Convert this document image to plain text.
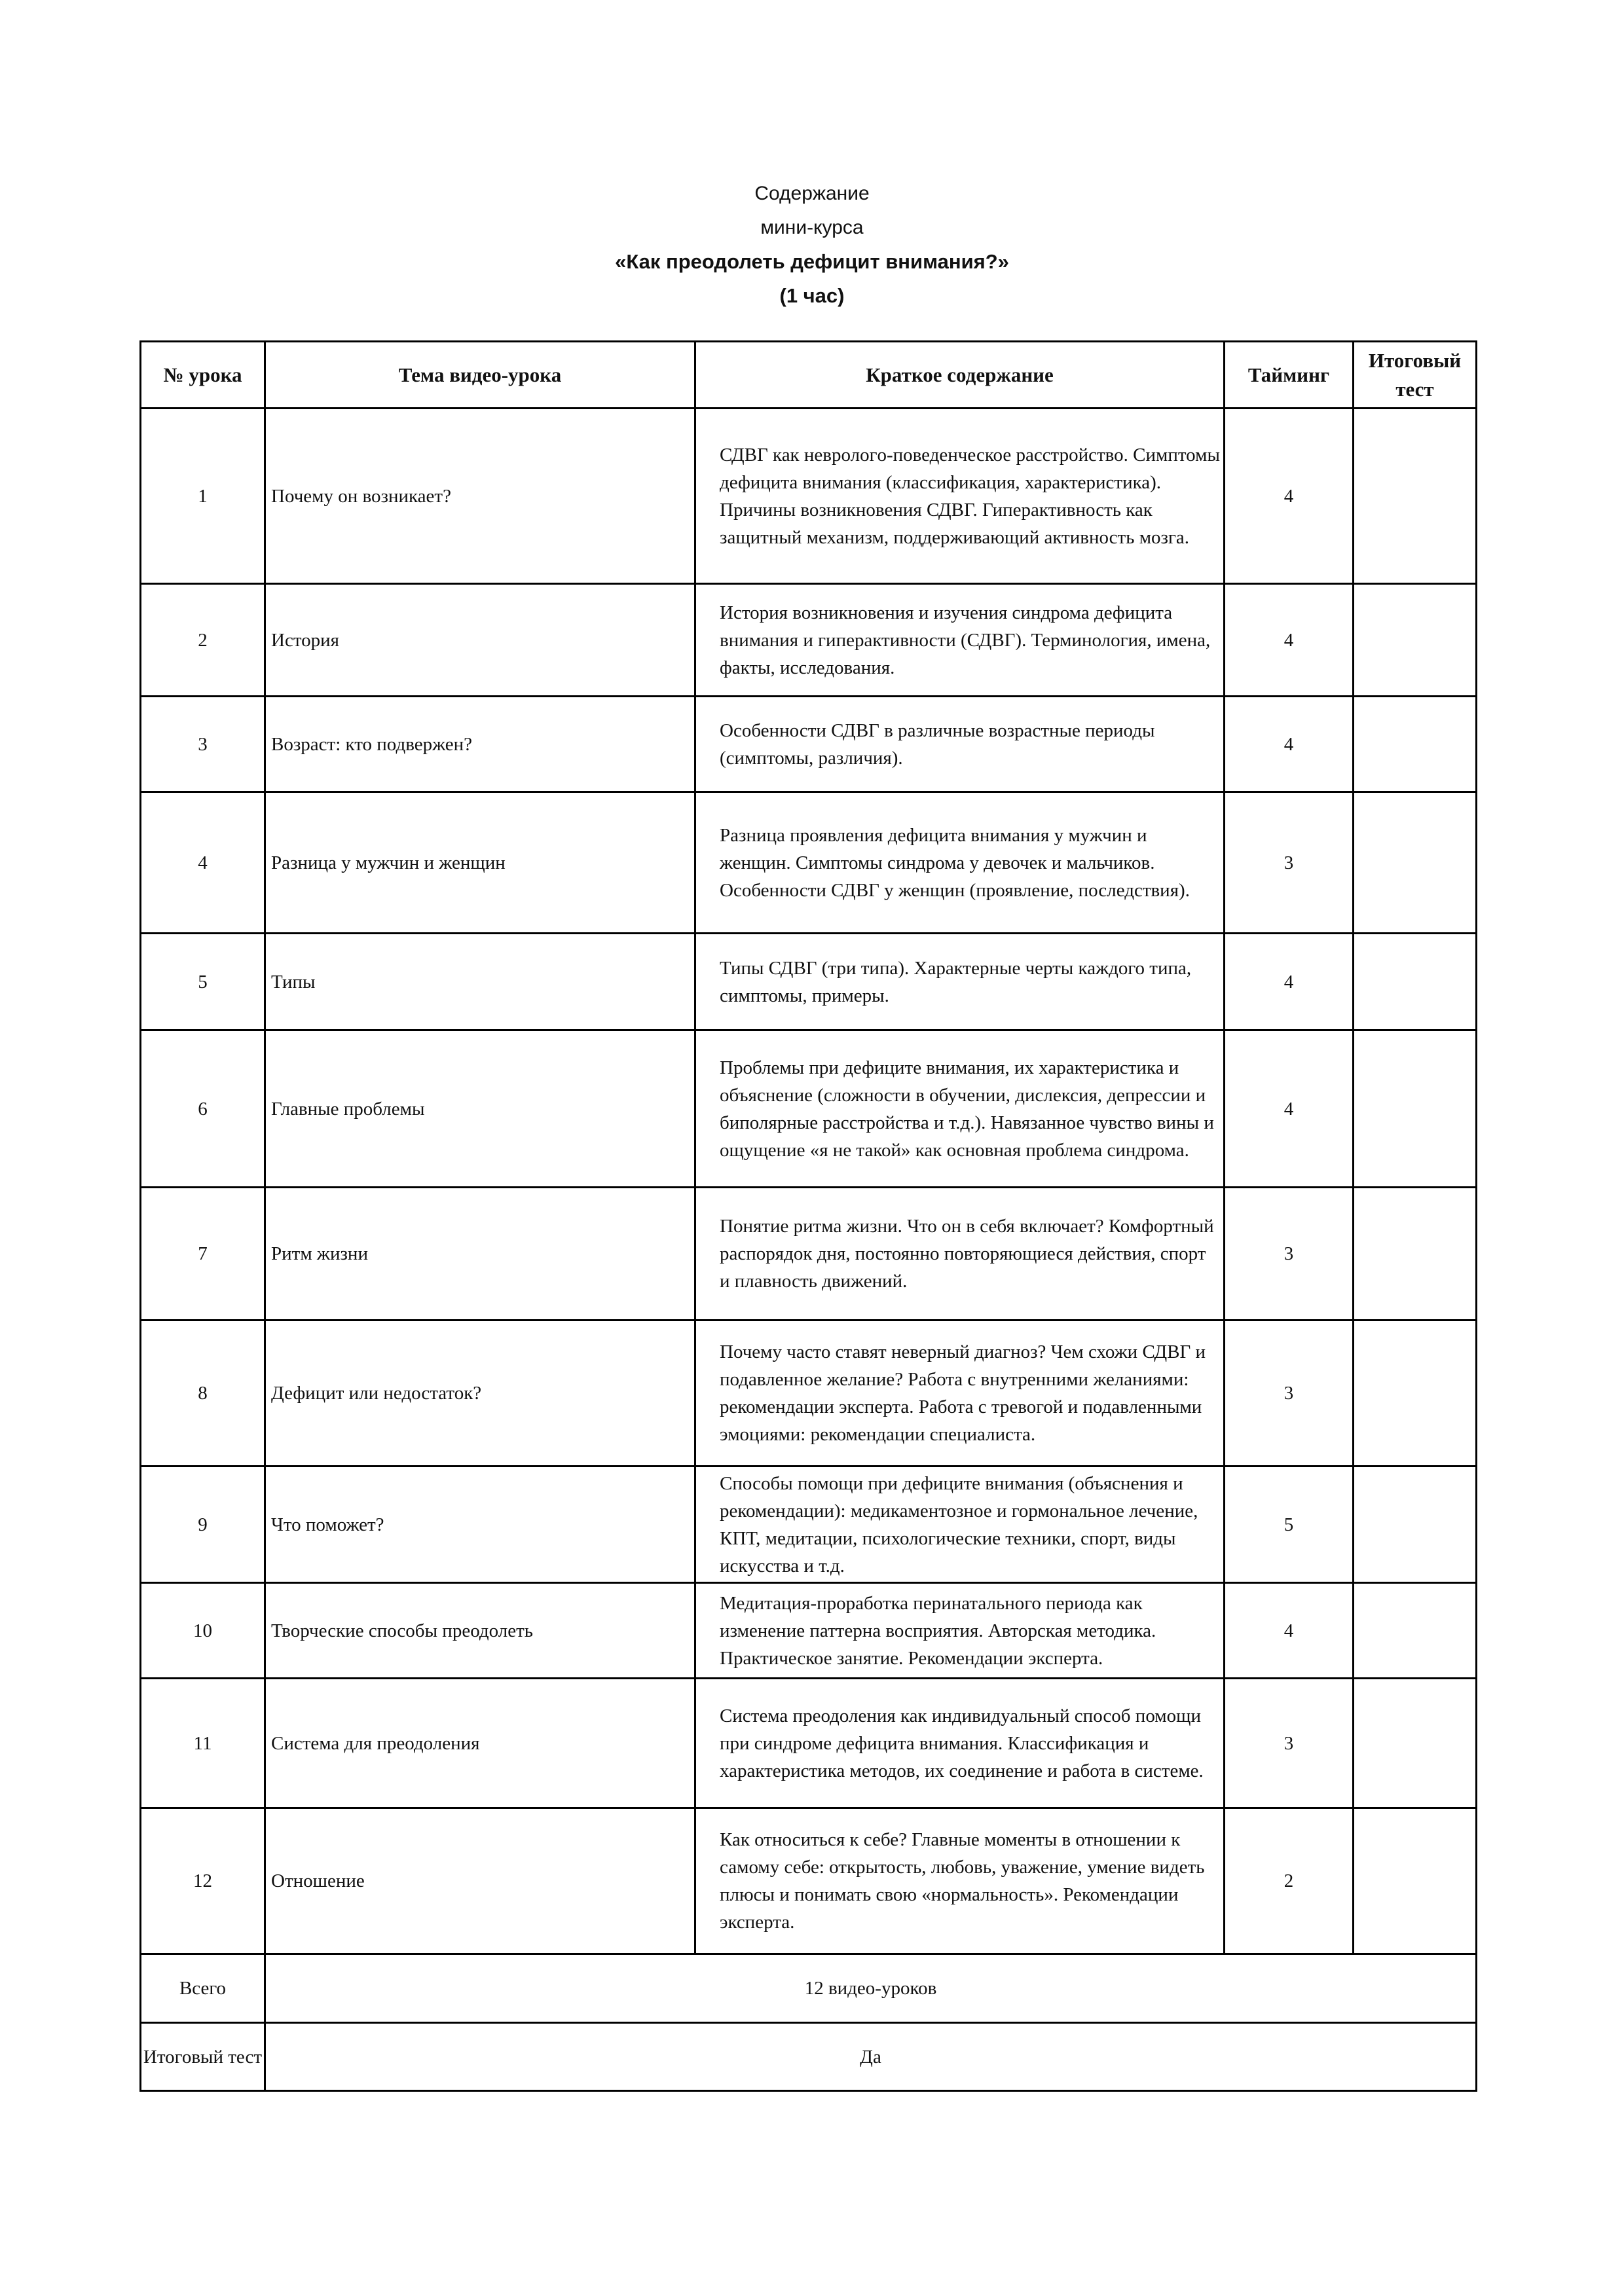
Содержание
мини-курса
«Как преодолеть дефицит внимания?»
(1 час)
№ урока	Тема видео-урока	Краткое содержание	Тайминг	Итоговый тест
1	Почему он возникает?	СДВГ как неврологo-поведенческое расстройство. Симптомы дефицита внимания (классификация, характеристика). Причины возникновения СДВГ. Гиперактивность как защитный механизм, поддерживающий активность мозга.	4	
2	История	История возникновения и изучения синдрома дефицита внимания и гиперактивности (СДВГ). Терминология, имена, факты, исследования.	4	
3	Возраст: кто подвержен?	Особенности СДВГ в различные возрастные периоды (симптомы, различия).	4	
4	Разница у мужчин и женщин	Разница проявления дефицита внимания у мужчин и женщин. Симптомы синдрома у девочек и мальчиков. Особенности СДВГ у женщин (проявление, последствия).	3	
5	Типы	Типы СДВГ (три типа). Характерные черты каждого типа, симптомы, примеры.	4	
6	Главные проблемы	Проблемы при дефиците внимания, их характеристика и объяснение (сложности в обучении, дислексия, депрессии и биполярные расстройства и т.д.). Навязанное чувство вины и ощущение «я не такой» как основная проблема синдрома.	4	
7	Ритм жизни	Понятие ритма жизни. Что он в себя включает? Комфортный распорядок дня, постоянно повторяющиеся действия, спорт и плавность движений.	3	
8	Дефицит или недостаток?	Почему часто ставят неверный диагноз? Чем схожи СДВГ и подавленное желание? Работа с внутренними желаниями: рекомендации эксперта. Работа с тревогой и подавленными эмоциями: рекомендации специалиста.	3	
9	Что поможет?	Способы помощи при дефиците внимания (объяснения и рекомендации): медикаментозное и гормональное лечение, КПТ, медитации, психологические техники, спорт, виды искусства и т.д.	5	
10	Творческие способы преодолеть	Медитация-проработка перинатального периода как изменение паттерна восприятия. Авторская методика. Практическое занятие. Рекомендации эксперта.	4	
11	Система для преодоления	Система преодоления как индивидуальный способ помощи при синдроме дефицита внимания. Классификация и характеристика методов, их соединение и работа в системе.	3	
12	Отношение	Как относиться к себе? Главные моменты в отношении к самому себе: открытость, любовь, уважение, умение видеть плюсы и понимать свою «нормальность». Рекомендации эксперта.	2	
Всего	12 видео-уроков			
Итоговый тест	Да			
